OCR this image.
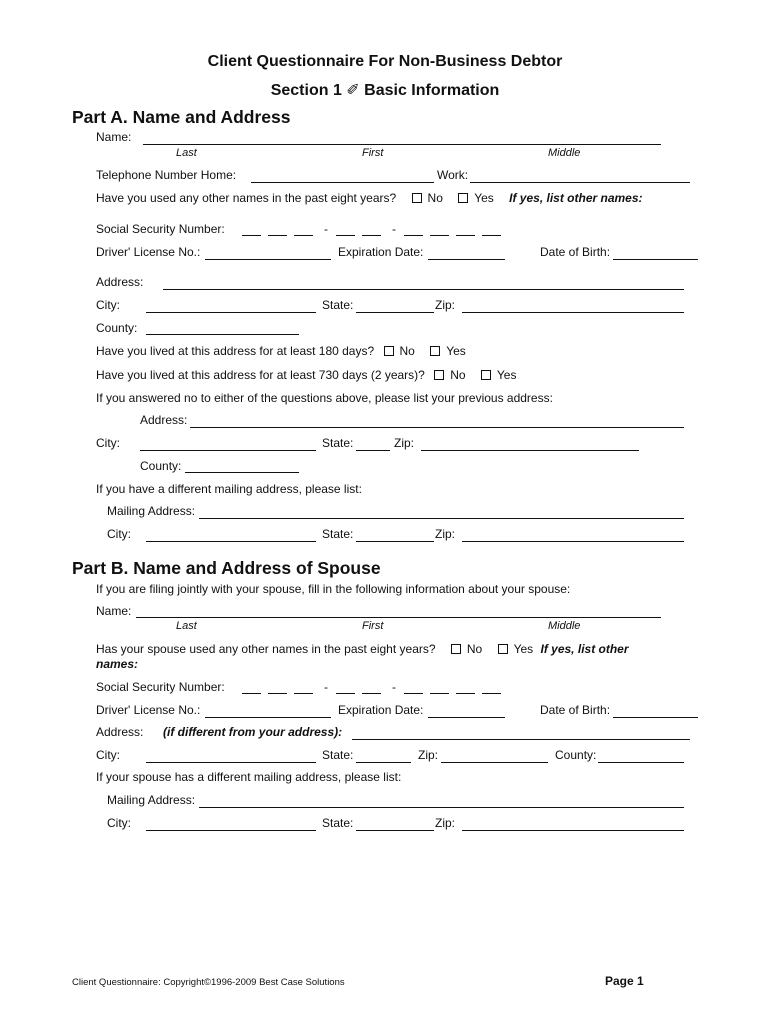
Client Questionnaire For Non-Business Debtor
Section 1 ✐ Basic Information
Part A. Name and Address
Name:
Last	First	Middle
Telephone Number Home:	Work:
Have you used any other names in the past eight years?	No	Yes If yes, list other names:
Social Security Number:	-	-
Driver' License No.:	Expiration Date:	Date of Birth:
Address:
City:	State:	Zip:
County:
Have you lived at this address for at least 180 days? No	Yes
Have you lived at this address for at least 730 days (2 years)? No	Yes
If you answered no to either of the questions above, please list your previous address:
Address:
City:	State:	Zip:
County:
If you have a different mailing address, please list:
Mailing Address:
City:	State:	Zip:
Part B. Name and Address of Spouse
If you are filing jointly with your spouse, fill in the following information about your spouse:
Name:
Last	First	Middle
Has your spouse used any other names in the past eight years?	No	Yes If yes, list other
names:
Social Security Number:	-	-
Driver' License No.:	Expiration Date:	Date of Birth:
Address: (if different from your address):
City:	State:	Zip:	County:
If your spouse has a different mailing address, please list:
Mailing Address:
City:	State:	Zip:
Client Questionnaire: Copyright©1996-2009 Best Case Solutions	Page 1
